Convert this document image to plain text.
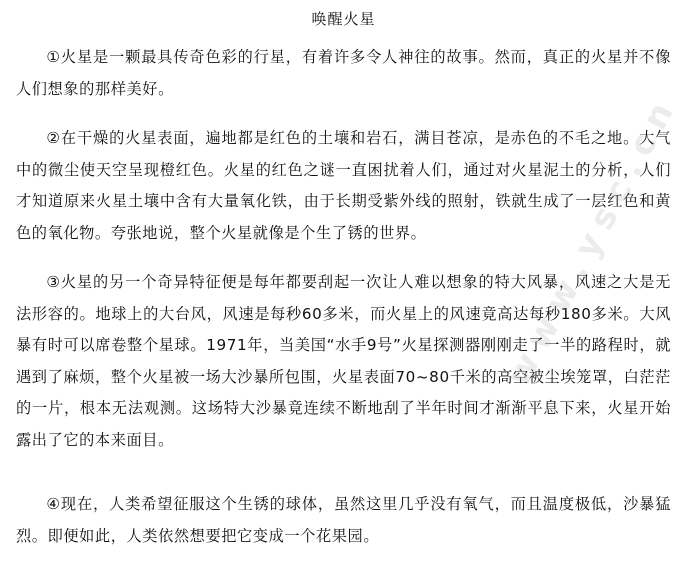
唤醒火星

①火星是一颗最具传奇色彩的行星，有着许多令人神往的故事。然而，真正的火星并不像人们想象的那样美好。

②在干燥的火星表面，遍地都是红色的土壤和岩石，满目苍凉，是赤色的不毛之地。大气中的微尘使天空呈现橙红色。火星的红色之谜一直困扰着人们，通过对火星泥土的分析，人们才知道原来火星土壤中含有大量氧化铁，由于长期受紫外线的照射，铁就生成了一层红色和黄色的氧化物。夸张地说，整个火星就像是个生了锈的世界。

③火星的另一个奇异特征便是每年都要刮起一次让人难以想象的特大风暴，风速之大是无法形容的。地球上的大台风，风速是每秒60多米，而火星上的风速竟高达每秒180多米。大风暴有时可以席卷整个星球。1971年，当美国“水手9号”火星探测器刚刚走了一半的路程时，就遇到了麻烦，整个火星被一场大沙暴所包围，火星表面70~80千米的高空被尘埃笼罩，白茫茫的一片，根本无法观测。这场特大沙暴竟连续不断地刮了半年时间才渐渐平息下来，火星开始露出了它的本来面目。

④现在，人类希望征服这个生锈的球体，虽然这里几乎没有氧气，而且温度极低，沙暴猛烈。即便如此，人类依然想要把它变成一个花果园。

www.ysc.cn
